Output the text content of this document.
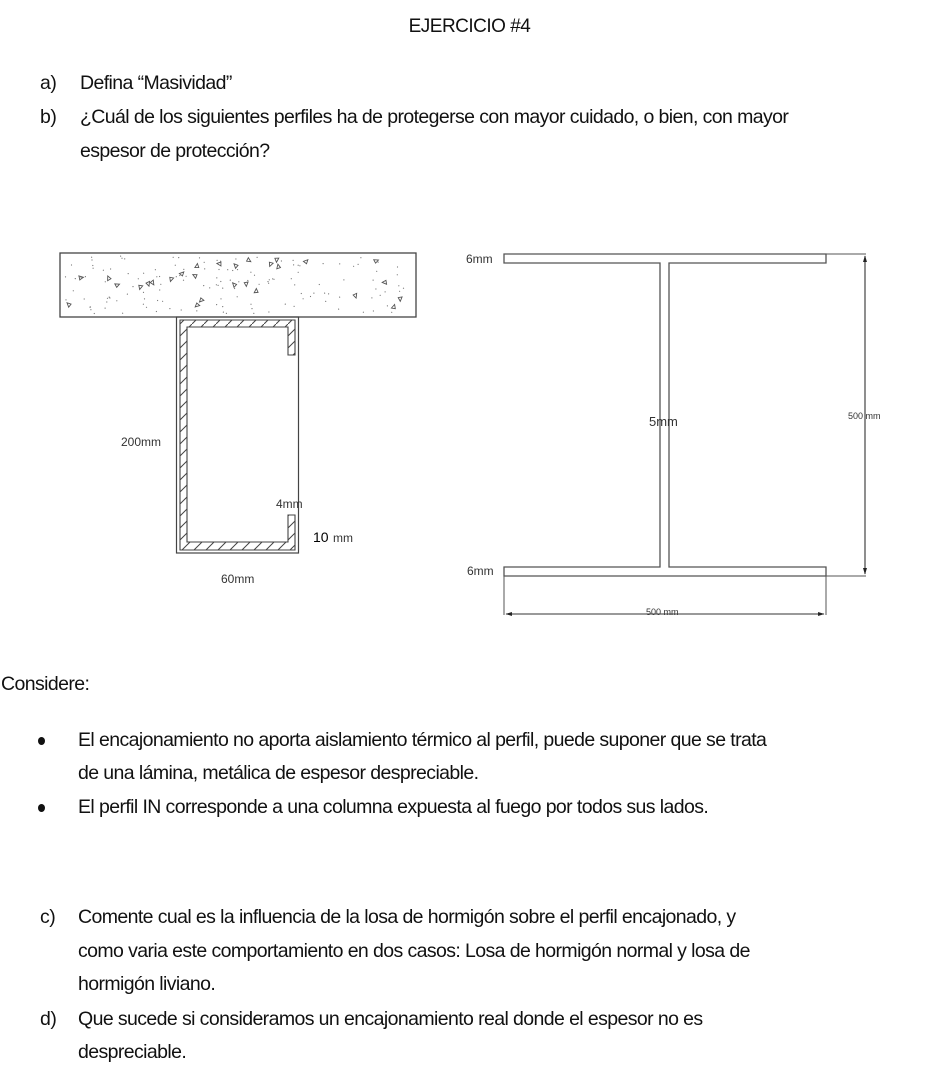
EJERCICIO #4
a) Defina “Masividad”
b) ¿Cuál de los siguientes perfiles ha de protegerse con mayor cuidado, o bien, con mayor
espesor de protección?
200mm
60mm
4mm
10 mm
6mm
6mm
5mm	500 mm
500 mm
Considere:
El encajonamiento no aporta aislamiento térmico al perfil, puede suponer que se trata
de una lámina, metálica de espesor despreciable.
El perfil IN corresponde a una columna expuesta al fuego por todos sus lados.
c) Comente cual es la influencia de la losa de hormigón sobre el perfil encajonado, y
como varia este comportamiento en dos casos: Losa de hormigón normal y losa de
hormigón liviano.
d) Que sucede si consideramos un encajonamiento real donde el espesor no es
despreciable.
